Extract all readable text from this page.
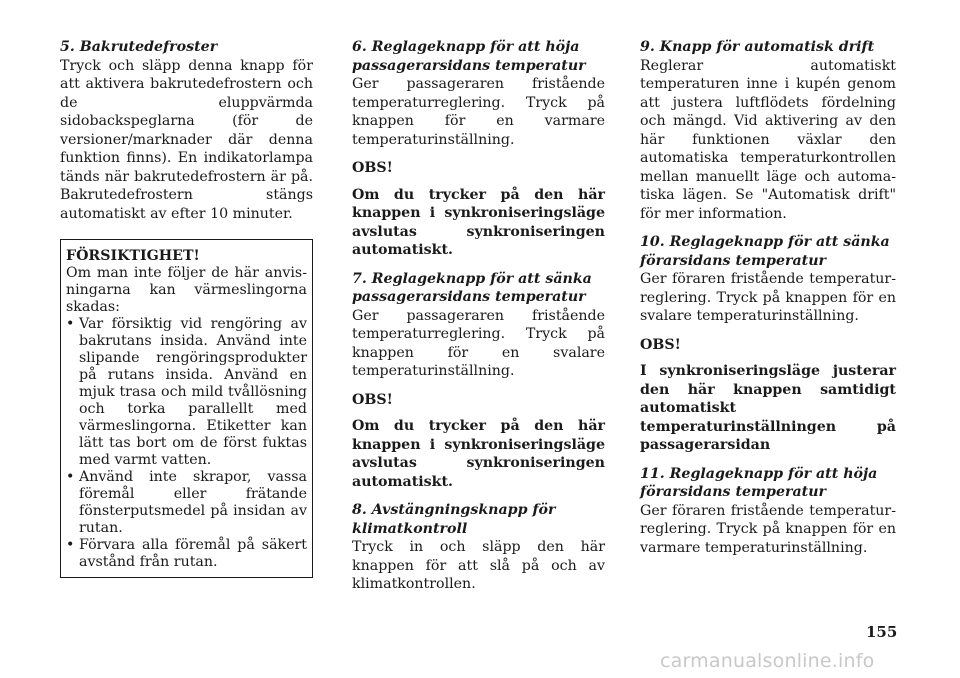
5. Bakrutedefroster

Tryck och släpp denna knapp för att aktivera bakrutedefrostern och de eluppvärmda sidobackspeglarna (för de versioner/marknader där denna funktion finns). En indikatorlampa tänds när bakrutedefrostern är på. Bakrutedefrostern stängs automatiskt av efter 10 minuter.

FÖRSIKTIGHET!

Om man inte följer de här anvisningarna kan värmeslingorna skadas:

• Var försiktig vid rengöring av bakrutans insida. Använd inte slipande rengöringsprodukter på rutans insida. Använd en mjuk trasa och mild tvållösning och torka parallellt med värmeslingorna. Etiketter kan lätt tas bort om de först fuktas med varmt vatten.
• Använd inte skrapor, vassa föremål eller frätande fönsterputsmedel på insidan av rutan.
• Förvara alla föremål på säkert avstånd från rutan.

6. Reglageknapp för att höja passagerarsidans temperatur

Ger passageraren fristående temperaturreglering. Tryck på knappen för en varmare temperaturinställning.

OBS!

Om du trycker på den här knappen i synkroniseringsläge avslutas synkroniseringen automatiskt.

7. Reglageknapp för att sänka passagerarsidans temperatur

Ger passageraren fristående temperaturreglering. Tryck på knappen för en svalare temperaturinställning.

OBS!

Om du trycker på den här knappen i synkroniseringsläge avslutas synkroniseringen automatiskt.

8. Avstängningsknapp för klimatkontroll

Tryck in och släpp den här knappen för att slå på och av klimatkontrollen.

9. Knapp för automatisk drift

Reglerar automatiskt temperaturen inne i kupén genom att justera luftflödets fördelning och mängd. Vid aktivering av den här funktionen växlar den automatiska temperaturkontrollen mellan manuellt läge och automatiska lägen. Se "Automatisk drift" för mer information.

10. Reglageknapp för att sänka förarsidans temperatur

Ger föraren fristående temperaturreglering. Tryck på knappen för en svalare temperaturinställning.

OBS!

I synkroniseringsläge justerar den här knappen samtidigt automatiskt temperaturinställningen på passagerarsidan

11. Reglageknapp för att höja förarsidans temperatur

Ger föraren fristående temperaturreglering. Tryck på knappen för en varmare temperaturinställning.

155
carmanualsonline.info
